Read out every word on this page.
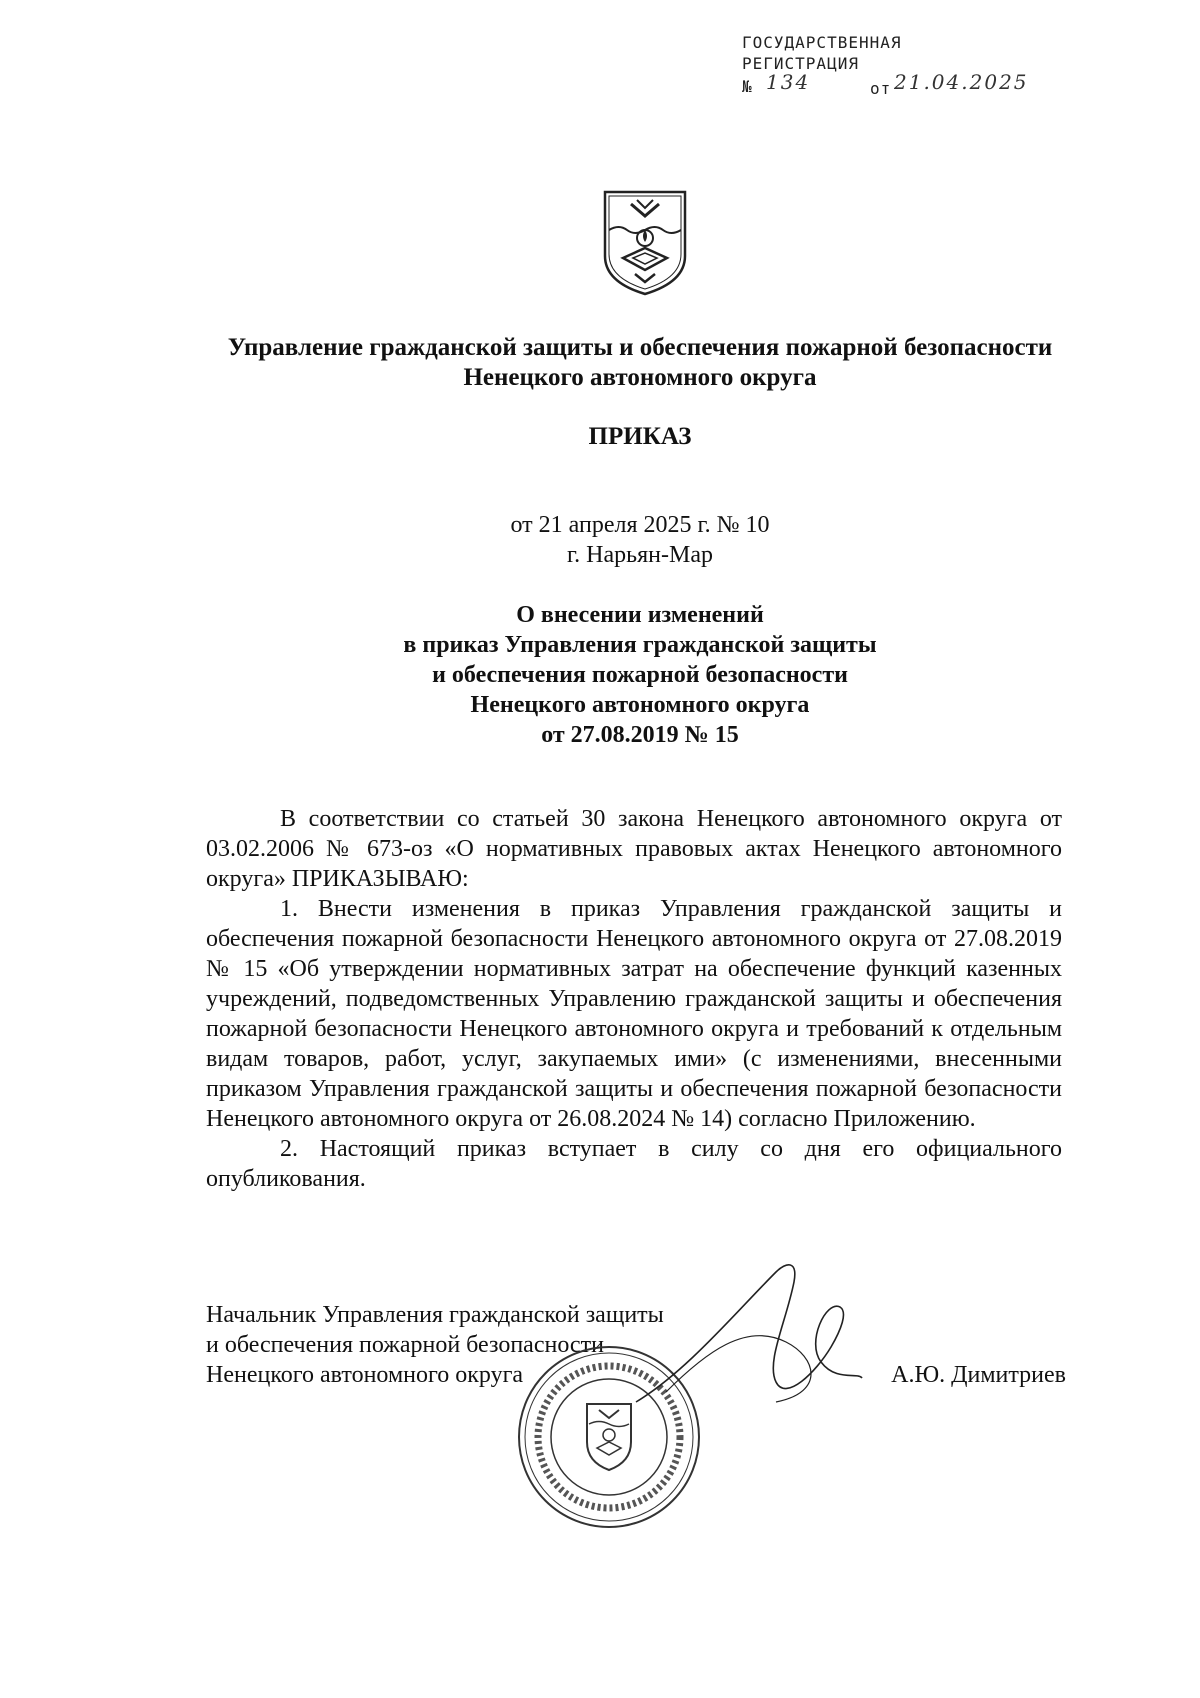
ГОСУДАРСТВЕННАЯ
РЕГИСТРАЦИЯ
№ 134	от 21.04.2025
Управление гражданской защиты и обеспечения пожарной безопасности
Ненецкого автономного округа
ПРИКАЗ
от 21 апреля 2025 г. № 10
г. Нарьян-Мар
О внесении изменений
в приказ Управления гражданской защиты
и обеспечения пожарной безопасности
Ненецкого автономного округа
от 27.08.2019 № 15

В соответствии со статьей 30 закона Ненецкого автономного округа от 03.02.2006 № 673-оз «О нормативных правовых актах Ненецкого автономного округа» ПРИКАЗЫВАЮ:

1. Внести изменения в приказ Управления гражданской защиты и обеспечения пожарной безопасности Ненецкого автономного округа от 27.08.2019 № 15 «Об утверждении нормативных затрат на обеспечение функций казенных учреждений, подведомственных Управлению гражданской защиты и обеспечения пожарной безопасности Ненецкого автономного округа и требований к отдельным видам товаров, работ, услуг, закупаемых ими» (с изменениями, внесенными приказом Управления гражданской защиты и обеспечения пожарной безопасности Ненецкого автономного округа от 26.08.2024 № 14) согласно Приложению.

2. Настоящий приказ вступает в силу со дня его официального опубликования.

Начальник Управления гражданской защиты
и обеспечения пожарной безопасности
Ненецкого автономного округа	А.Ю. Димитриев
